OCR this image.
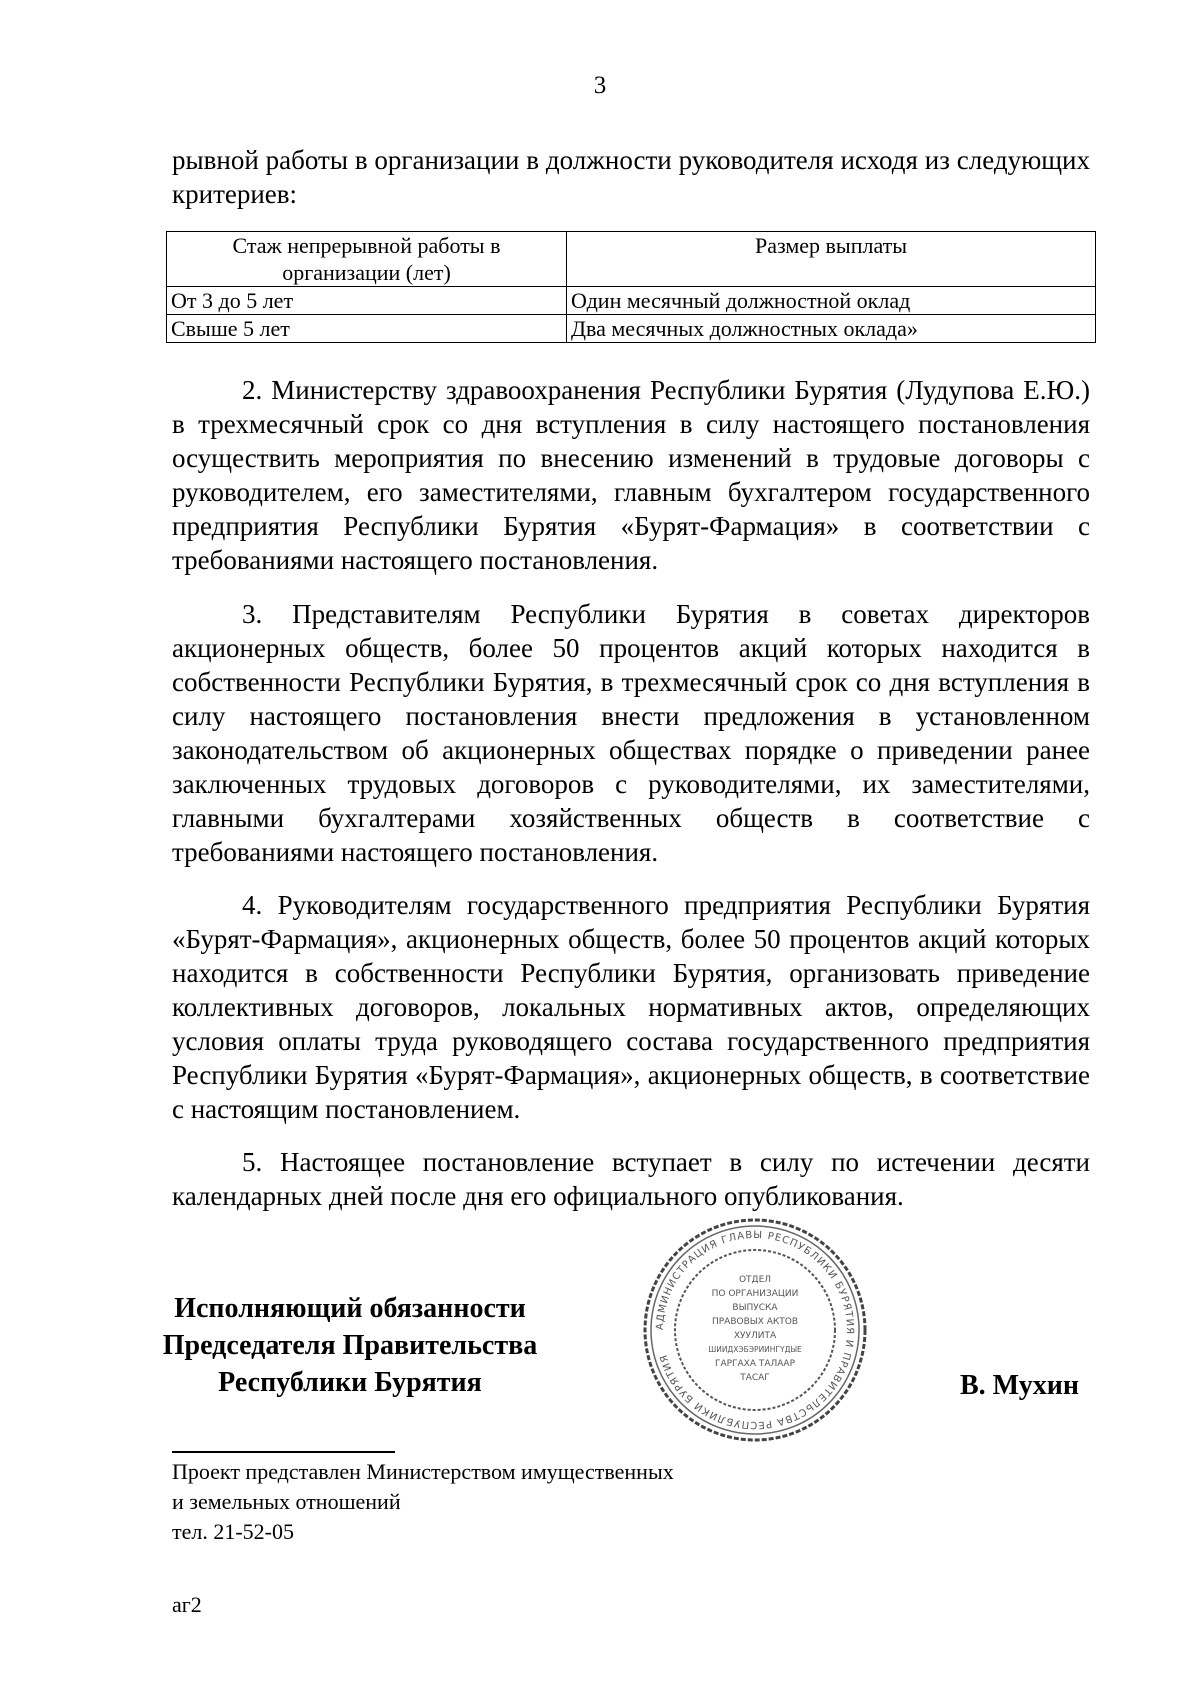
3

рывной работы в организации в должности руководителя исходя из следующих критериев:

Стаж непрерывной работы в организации (лет)	Размер выплаты
От 3 до 5 лет	Один месячный должностной оклад
Свыше 5 лет	Два месячных должностных оклада»

2. Министерству здравоохранения Республики Бурятия (Лудупова Е.Ю.) в трехмесячный срок со дня вступления в силу настоящего постановления осуществить мероприятия по внесению изменений в трудовые договоры с руководителем, его заместителями, главным бухгалтером государственного предприятия Республики Бурятия «Бурят-Фармация» в соответствии с требованиями настоящего постановления.

3. Представителям Республики Бурятия в советах директоров акционерных обществ, более 50 процентов акций которых находится в собственности Республики Бурятия, в трехмесячный срок со дня вступления в силу настоящего постановления внести предложения в установленном законодательством об акционерных обществах порядке о приведении ранее заключенных трудовых договоров с руководителями, их заместителями, главными бухгалтерами хозяйственных обществ в соответствие с требованиями настоящего постановления.

4. Руководителям государственного предприятия Республики Бурятия «Бурят-Фармация», акционерных обществ, более 50 процентов акций которых находится в собственности Республики Бурятия, организовать приведение коллективных договоров, локальных нормативных актов, определяющих условия оплаты труда руководящего состава государственного предприятия Республики Бурятия «Бурят-Фармация», акционерных обществ, в соответствие с настоящим постановлением.

5. Настоящее постановление вступает в силу по истечении десяти календарных дней после дня его официального опубликования.

Исполняющий обязанности
Председателя Правительства
Республики Бурятия
АДМИНИСТРАЦИЯ ГЛАВЫ РЕСПУБЛИКИ БУРЯТИЯ И ПРАВИТЕЛЬСТВА РЕСПУБЛИКИ БУРЯТИЯ
ОТДЕЛ
ПО ОРГАНИЗАЦИИ
ВЫПУСКА
ПРАВОВЫХ АКТОВ
ХУУЛИТА
ШИИДХЭБЭРИИНГҮДЫЕ
ГАРГАХА ТАЛААР
ТАСАГ	В. Мухин
Проект представлен Министерством имущественных
и земельных отношений
тел. 21-52-05
аг2
